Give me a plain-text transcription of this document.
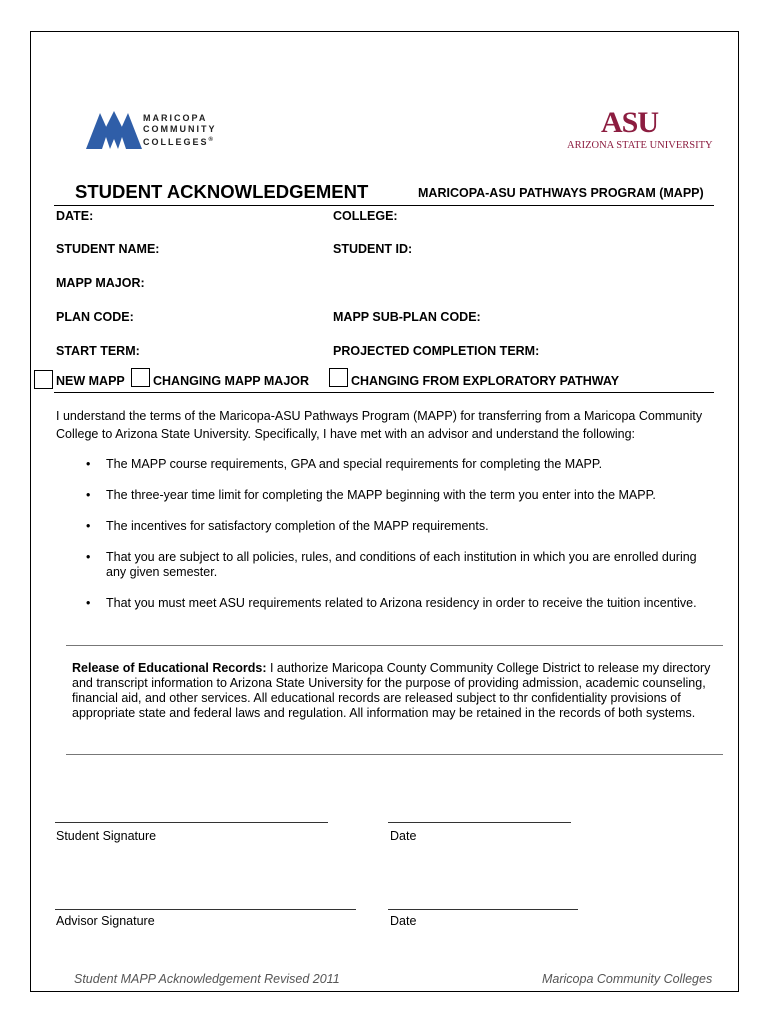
MARICOPA
COMMUNITY
COLLEGES®
ASU
ARIZONA STATE UNIVERSITY
STUDENT ACKNOWLEDGEMENT	MARICOPA-ASU PATHWAYS PROGRAM (MAPP)
DATE:	COLLEGE:
STUDENT NAME:	STUDENT ID:
MAPP MAJOR:
PLAN CODE:	MAPP SUB-PLAN CODE:
START TERM:	PROJECTED COMPLETION TERM:
NEW MAPP CHANGING MAPP MAJOR	CHANGING FROM EXPLORATORY PATHWAY
I understand the terms of the Maricopa-ASU Pathways Program (MAPP) for transferring from a Maricopa Community College to Arizona State University. Specifically, I have met with an advisor and understand the following:
• The MAPP course requirements, GPA and special requirements for completing the MAPP.
• The three-year time limit for completing the MAPP beginning with the term you enter into the MAPP.
• The incentives for satisfactory completion of the MAPP requirements.
• That you are subject to all policies, rules, and conditions of each institution in which you are enrolled during any given semester.
• That you must meet ASU requirements related to Arizona residency in order to receive the tuition incentive.
Release of Educational Records: I authorize Maricopa County Community College District to release my directory and transcript information to Arizona State University for the purpose of providing admission, academic counseling, financial aid, and other services. All educational records are released subject to thr confidentiality provisions of appropriate state and federal laws and regulation. All information may be retained in the records of both systems.
Student Signature	Date
Advisor Signature	Date
Student MAPP Acknowledgement Revised 2011	Maricopa Community Colleges
